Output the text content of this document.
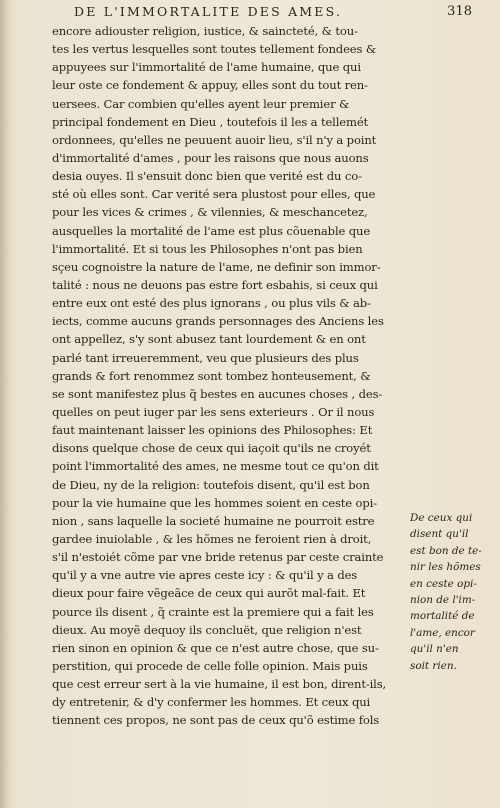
DE L'IMMORTALITE DES AMES.	318
encore adiouster religion, iustice, & saincteté, & tou-
tes les vertus lesquelles sont toutes tellement fondees &
appuyees sur l'immortalité de l'ame humaine, que qui
leur oste ce fondement & appuy, elles sont du tout ren-
uersees. Car combien qu'elles ayent leur premier &
principal fondement en Dieu , toutefois il les a tellemét
ordonnees, qu'elles ne peuuent auoir lieu, s'il n'y a point
d'immortalité d'ames , pour les raisons que nous auons
desia ouyes. Il s'ensuit donc bien que verité est du co-
sté où elles sont. Car verité sera plustost pour elles, que
pour les vices & crimes , & vilennies, & meschancetez,
ausquelles la mortalité de l'ame est plus cõuenable que
l'immortalité. Et si tous les Philosophes n'ont pas bien
sçeu cognoistre la nature de l'ame, ne definir son immor-
talité : nous ne deuons pas estre fort esbahis, si ceux qui
entre eux ont esté des plus ignorans , ou plus vils & ab-
iects, comme aucuns grands personnages des Anciens les
ont appellez, s'y sont abusez tant lourdement & en ont
parlé tant irreueremment, veu que plusieurs des plus
grands & fort renommez sont tombez honteusement, &
se sont manifestez plus q̃ bestes en aucunes choses , des-
quelles on peut iuger par les sens exterieurs . Or il nous
faut maintenant laisser les opinions des Philosophes: Et
disons quelque chose de ceux qui iaçoit qu'ils ne croyét
point l'immortalité des ames, ne mesme tout ce qu'on dit
de Dieu, ny de la religion: toutefois disent, qu'il est bon
pour la vie humaine que les hommes soient en ceste opi-
nion , sans laquelle la societé humaine ne pourroit estre
gardee inuiolable , & les hõmes ne feroient rien à droit,
s'il n'estoiét cõme par vne bride retenus par ceste crainte
qu'il y a vne autre vie apres ceste icy : & qu'il y a des
dieux pour faire vẽgeãce de ceux qui aurõt mal-fait. Et
pource ils disent , q̃ crainte est la premiere qui a fait les
dieux. Au moyẽ dequoy ils concluët, que religion n'est
rien sinon en opinion & que ce n'est autre chose, que su-
perstition, qui procede de celle folle opinion. Mais puis
que cest erreur sert à la vie humaine, il est bon, dirent-ils,
dy entretenir, & d'y confermer les hommes. Et ceux qui
tiennent ces propos, ne sont pas de ceux qu'õ estime fols
De ceux qui
disent qu'il
est bon de te-
nir les hõmes
en ceste opi-
nion de l'im-
mortalité de
l'ame, encor
qu'il n'en
soit rien.
